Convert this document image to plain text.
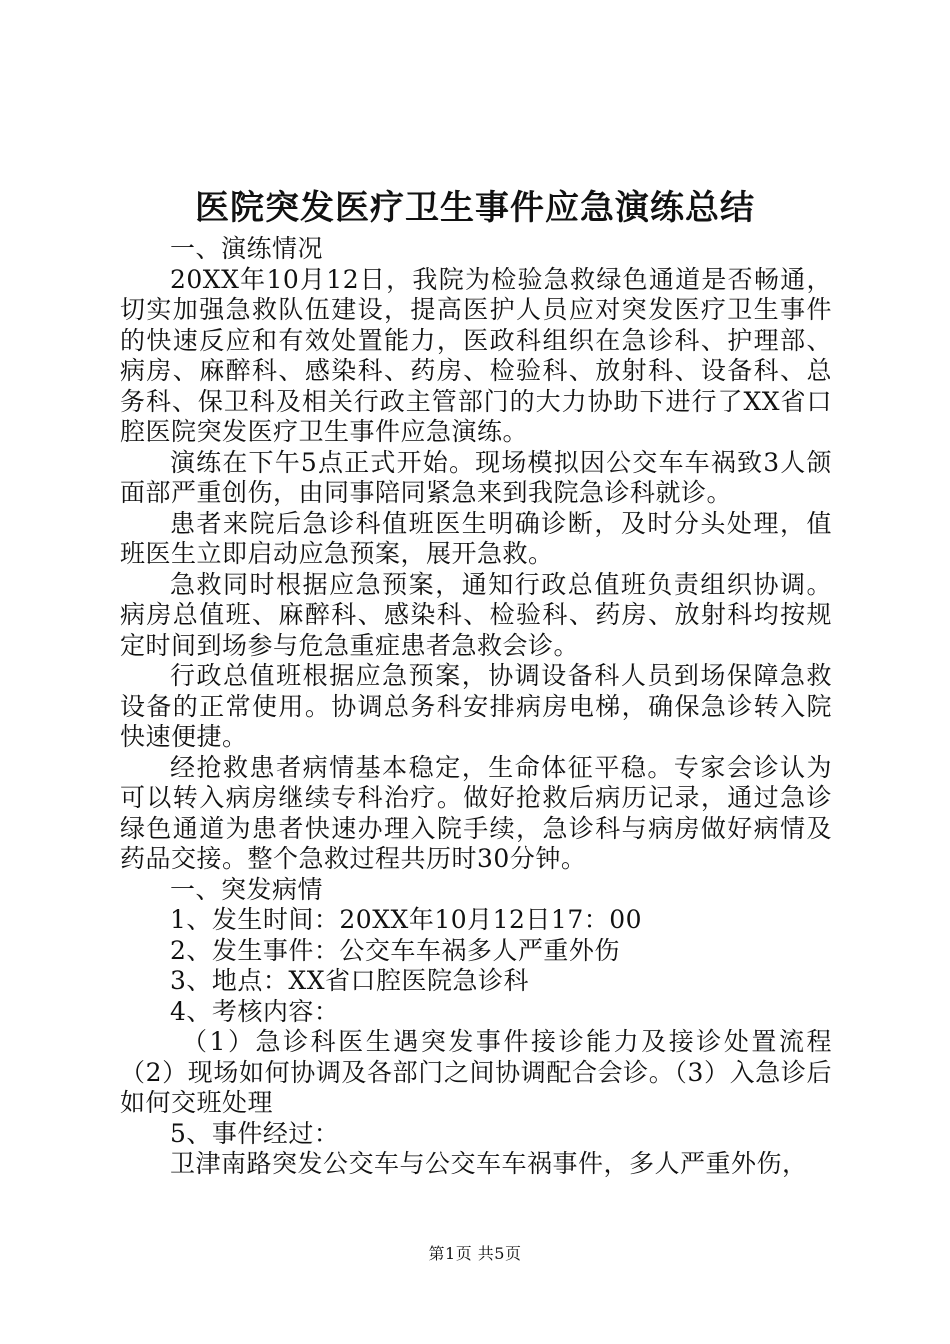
医院突发医疗卫生事件应急演练总结

一、演练情况

20XX年10月12日，我院为检验急救绿色通道是否畅通，切实加强急救队伍建设，提高医护人员应对突发医疗卫生事件的快速反应和有效处置能力，医政科组织在急诊科、护理部、病房、麻醉科、感染科、药房、检验科、放射科、设备科、总务科、保卫科及相关行政主管部门的大力协助下进行了XX省口腔医院突发医疗卫生事件应急演练。

演练在下午5点正式开始。现场模拟因公交车车祸致3人颌面部严重创伤，由同事陪同紧急来到我院急诊科就诊。

患者来院后急诊科值班医生明确诊断，及时分头处理，值班医生立即启动应急预案，展开急救。

急救同时根据应急预案，通知行政总值班负责组织协调。病房总值班、麻醉科、感染科、检验科、药房、放射科均按规定时间到场参与危急重症患者急救会诊。

行政总值班根据应急预案，协调设备科人员到场保障急救设备的正常使用。协调总务科安排病房电梯，确保急诊转入院快速便捷。

经抢救患者病情基本稳定，生命体征平稳。专家会诊认为可以转入病房继续专科治疗。做好抢救后病历记录，通过急诊绿色通道为患者快速办理入院手续，急诊科与病房做好病情及药品交接。整个急救过程共历时30分钟。

一、突发病情

1、发生时间：20XX年10月12日17：00

2、发生事件：公交车车祸多人严重外伤

3、地点：XX省口腔医院急诊科

4、考核内容：

（1）急诊科医生遇突发事件接诊能力及接诊处置流程（2）现场如何协调及各部门之间协调配合会诊。（3）入急诊后如何交班处理

5、事件经过：

卫津南路突发公交车与公交车车祸事件，多人严重外伤，

第1页 共5页
